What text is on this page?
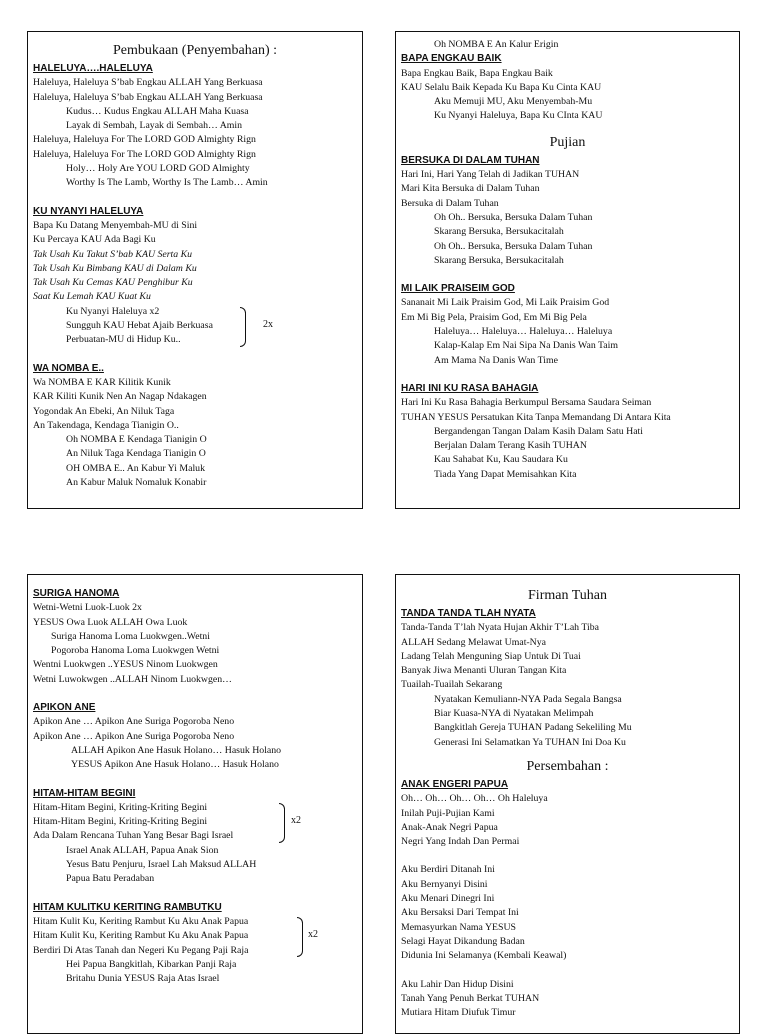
Pembukaan (Penyembahan) :
HALELUYA….HALELUYA
Haleluya, Haleluya S’bab Engkau ALLAH Yang Berkuasa
Haleluya, Haleluya S’bab Engkau ALLAH Yang Berkuasa
Kudus… Kudus Engkau ALLAH Maha Kuasa
Layak di Sembah, Layak di Sembah… Amin
Haleluya, Haleluya For The LORD GOD Almighty Rign
Haleluya, Haleluya For The LORD GOD Almighty Rign
Holy… Holy Are YOU LORD GOD Almighty
Worthy Is The Lamb, Worthy Is The Lamb… Amin
KU NYANYI HALELUYA
Bapa Ku Datang Menyembah-MU di Sini
Ku Percaya KAU Ada Bagi Ku
Tak Usah Ku Takut S’bab KAU Serta Ku
Tak Usah Ku Bimbang KAU di Dalam Ku
Tak Usah Ku Cemas KAU Penghibur Ku
Saat Ku Lemah KAU Kuat Ku
Ku Nyanyi Haleluya x2
Sungguh KAU Hebat Ajaib Berkuasa
Perbuatan-MU di Hidup Ku..
2x
WA NOMBA E..
Wa NOMBA E KAR Kilitik Kunik
KAR Kiliti Kunik Nen An Nagap Ndakagen
Yogondak An Ebeki, An Niluk Taga
An Takendaga, Kendaga Tianigin O..
Oh NOMBA E Kendaga Tianigin O
An Niluk Taga Kendaga Tianigin O
OH OMBA E.. An Kabur Yi Maluk
An Kabur Maluk Nomaluk Konabir
Oh NOMBA E An Kalur Erigin
BAPA ENGKAU BAIK
Bapa Engkau Baik, Bapa Engkau Baik
KAU Selalu Baik Kepada Ku Bapa Ku Cinta KAU
Aku Memuji MU, Aku Menyembah-Mu
Ku Nyanyi Haleluya, Bapa Ku CInta KAU
Pujian
BERSUKA DI DALAM TUHAN
Hari Ini, Hari Yang Telah di Jadikan TUHAN
Mari Kita Bersuka di Dalam Tuhan
Bersuka di Dalam Tuhan
Oh Oh.. Bersuka, Bersuka Dalam Tuhan
Skarang Bersuka, Bersukacitalah
Oh Oh.. Bersuka, Bersuka Dalam Tuhan
Skarang Bersuka, Bersukacitalah
MI LAIK PRAISEIM GOD
Sananait Mi Laik Praisim God, Mi Laik Praisim God
Em Mi Big Pela, Praisim God, Em Mi Big Pela
Haleluya… Haleluya… Haleluya… Haleluya
Kalap-Kalap Em Nai Sipa Na Danis Wan Taim
Am Mama Na Danis Wan Time
HARI INI KU RASA BAHAGIA
Hari Ini Ku Rasa Bahagia Berkumpul Bersama Saudara Seiman
TUHAN YESUS Persatukan Kita Tanpa Memandang Di Antara Kita
Bergandengan Tangan Dalam Kasih Dalam Satu Hati
Berjalan Dalam Terang Kasih TUHAN
Kau Sahabat Ku, Kau Saudara Ku
Tiada Yang Dapat Memisahkan Kita
SURIGA HANOMA
Wetni-Wetni Luok-Luok 2x
YESUS Owa Luok ALLAH Owa Luok
Suriga Hanoma Loma Luokwgen..Wetni
Pogoroba Hanoma Loma Luokwgen Wetni
Wentni Luokwgen ..YESUS Ninom Luokwgen
Wetni Luwokwgen ..ALLAH Ninom Luokwgen…
APIKON ANE
Apikon Ane … Apikon Ane Suriga Pogoroba Neno
Apikon Ane … Apikon Ane Suriga Pogoroba Neno
ALLAH Apikon Ane Hasuk Holano… Hasuk Holano
YESUS Apikon Ane Hasuk Holano… Hasuk Holano
HITAM-HITAM BEGINI
Hitam-Hitam Begini, Kriting-Kriting Begini
Hitam-Hitam Begini, Kriting-Kriting Begini
Ada Dalam Rencana Tuhan Yang Besar Bagi Israel
x2
Israel Anak ALLAH, Papua Anak Sion
Yesus Batu Penjuru, Israel Lah Maksud ALLAH
Papua Batu Peradaban
HITAM KULITKU KERITING RAMBUTKU
Hitam Kulit Ku, Keriting Rambut Ku Aku Anak Papua
Hitam Kulit Ku, Keriting Rambut Ku Aku Anak Papua
Berdiri Di Atas Tanah dan Negeri Ku Pegang Paji Raja
x2
Hei Papua Bangkitlah, Kibarkan Panji Raja
Britahu Dunia YESUS Raja Atas Israel
Firman Tuhan
TANDA TANDA TLAH NYATA
Tanda-Tanda T’lah Nyata Hujan Akhir T’Lah Tiba
ALLAH Sedang Melawat Umat-Nya
Ladang Telah Menguning Siap Untuk Di Tuai
Banyak Jiwa Menanti Uluran Tangan Kita
Tuailah-Tuailah Sekarang
Nyatakan Kemuliann-NYA Pada Segala Bangsa
Biar Kuasa-NYA di Nyatakan Melimpah
Bangkitlah Gereja TUHAN Padang Sekeliling Mu
Generasi Ini Selamatkan Ya TUHAN Ini Doa Ku
Persembahan :
ANAK ENGERI PAPUA
Oh… Oh… Oh… Oh… Oh Haleluya
Inilah Puji-Pujian Kami
Anak-Anak Negri Papua
Negri Yang Indah Dan Permai
Aku Berdiri Ditanah Ini
Aku Bernyanyi Disini
Aku Menari Dinegri Ini
Aku Bersaksi Dari Tempat Ini
Memasyurkan Nama YESUS
Selagi Hayat Dikandung Badan
Didunia Ini Selamanya (Kembali Keawal)
Aku Lahir Dan Hidup Disini
Tanah Yang Penuh Berkat TUHAN
Mutiara Hitam Diufuk Timur
